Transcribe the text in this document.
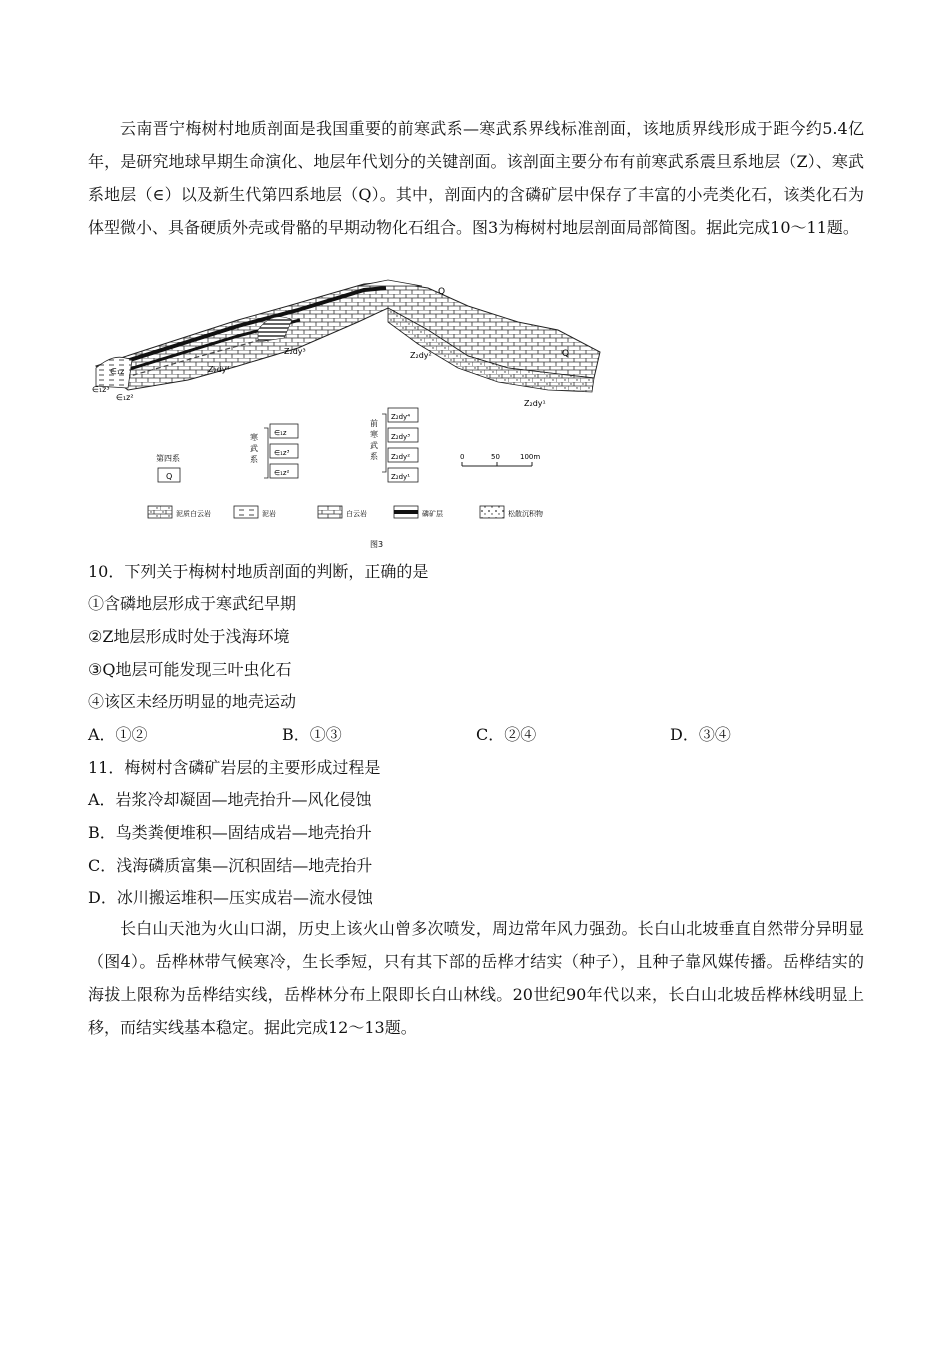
云南晋宁梅树村地质剖面是我国重要的前寒武系—寒武系界线标准剖面，该地质界线形成于距今约5.4亿年，是研究地球早期生命演化、地层年代划分的关键剖面。该剖面主要分布有前寒武系震旦系地层（Z）、寒武系地层（∈）以及新生代第四系地层（Q）。其中，剖面内的含磷矿层中保存了丰富的小壳类化石，该类化石为体型微小、具备硬质外壳或骨骼的早期动物化石组合。图3为梅树村地层剖面局部简图。据此完成10～11题。

Q
Q
Z₂dy⁴
Z₂dy³	Z₂dy²
Z₂dy¹
∈₁z
∈₁z³
∈₁z²
第四系
Q
寒
武
系
∈₁z
∈₁z³
∈₁z²
前
寒
武
系
Z₂dy⁴
Z₂dy³
Z₂dy²
Z₂dy¹
0	50	100m
泥质白云岩	泥岩	白云岩	磷矿层	松散沉积物
图3
10．下列关于梅树村地质剖面的判断，正确的是
①含磷地层形成于寒武纪早期
②Z地层形成时处于浅海环境
③Q地层可能发现三叶虫化石
④该区未经历明显的地壳运动
A．①②	B．①③	C．②④	D．③④
11．梅树村含磷矿岩层的主要形成过程是
A．岩浆冷却凝固—地壳抬升—风化侵蚀
B．鸟类粪便堆积—固结成岩—地壳抬升
C．浅海磷质富集—沉积固结—地壳抬升
D．冰川搬运堆积—压实成岩—流水侵蚀

长白山天池为火山口湖，历史上该火山曾多次喷发，周边常年风力强劲。长白山北坡垂直自然带分异明显（图4）。岳桦林带气候寒冷，生长季短，只有其下部的岳桦才结实（种子），且种子靠风媒传播。岳桦结实的海拔上限称为岳桦结实线，岳桦林分布上限即长白山林线。20世纪90年代以来，长白山北坡岳桦林线明显上移，而结实线基本稳定。据此完成12～13题。
